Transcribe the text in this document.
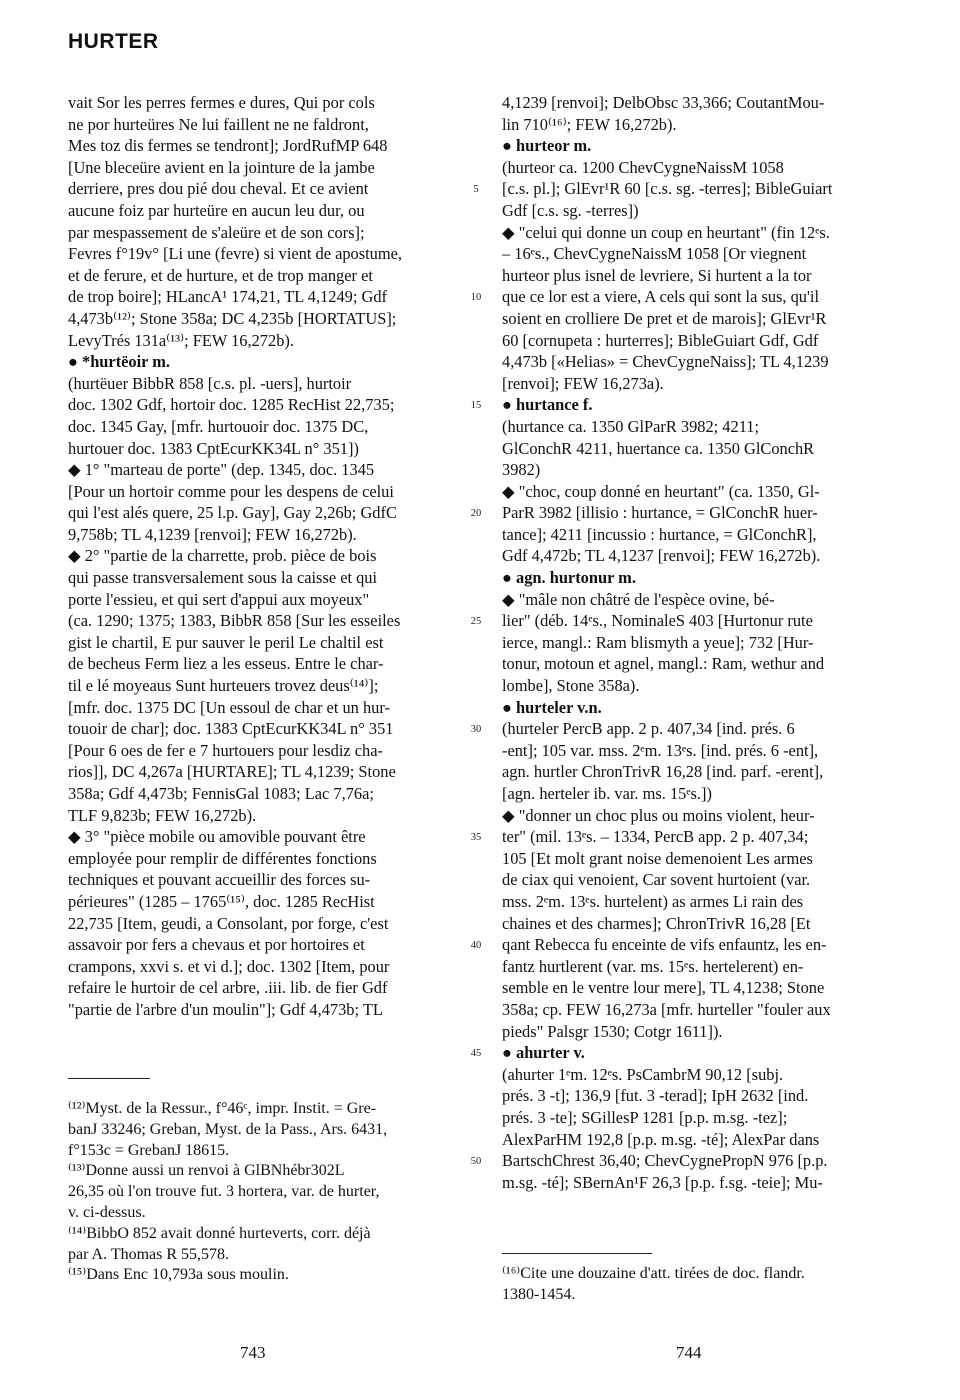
HURTER
vait Sor les perres fermes e dures, Qui por cols
ne por hurteüres Ne lui faillent ne ne faldront,
Mes toz dis fermes se tendront]; JordRufMP 648
[Une bleceüre avient en la jointure de la jambe
derriere, pres dou pié dou cheval. Et ce avient
aucune foiz par hurteüre en aucun leu dur, ou
par mespassement de s'aleüre et de son cors];
Fevres f°19v° [Li une (fevre) si vient de apostume,
et de ferure, et de hurture, et de trop manger et
de trop boire]; HLancA¹ 174,21, TL 4,1249; Gdf
4,473b⁽¹²⁾; Stone 358a; DC 4,235b [HORTATUS];
LevyTrés 131a⁽¹³⁾; FEW 16,272b).
● *hurtëoir m.
(hurtëuer BibbR 858 [c.s. pl. -uers], hurtoir
doc. 1302 Gdf, hortoir doc. 1285 RecHist 22,735;
doc. 1345 Gay, [mfr. hurtouoir doc. 1375 DC,
hurtouer doc. 1383 CptEcurKK34L n° 351])
◆ 1° "marteau de porte" (dep. 1345, doc. 1345
[Pour un hortoir comme pour les despens de celui
qui l'est alés quere, 25 l.p. Gay], Gay 2,26b; GdfC
9,758b; TL 4,1239 [renvoi]; FEW 16,272b).
◆ 2° "partie de la charrette, prob. pièce de bois
qui passe transversalement sous la caisse et qui
porte l'essieu, et qui sert d'appui aux moyeux"
(ca. 1290; 1375; 1383, BibbR 858 [Sur les esseiles
gist le chartil, E pur sauver le peril Le chaltil est
de becheus Ferm liez a les esseus. Entre le char-
til e lé moyeaus Sunt hurteuers trovez deus⁽¹⁴⁾];
[mfr. doc. 1375 DC [Un essoul de char et un hur-
touoir de char]; doc. 1383 CptEcurKK34L n° 351
[Pour 6 oes de fer e 7 hurtouers pour lesdiz cha-
rios]], DC 4,267a [HURTARE]; TL 4,1239; Stone
358a; Gdf 4,473b; FennisGal 1083; Lac 7,76a;
TLF 9,823b; FEW 16,272b).
◆ 3° "pièce mobile ou amovible pouvant être
employée pour remplir de différentes fonctions
techniques et pouvant accueillir des forces su-
périeures" (1285 – 1765⁽¹⁵⁾, doc. 1285 RecHist
22,735 [Item, geudi, a Consolant, por forge, c'est
assavoir por fers a chevaus et por hortoires et
crampons, xxvi s. et vi d.]; doc. 1302 [Item, pour
refaire le hurtoir de cel arbre, .iii. lib. de fier Gdf
"partie de l'arbre d'un moulin"]; Gdf 4,473b; TL
5
10
15
20
25
30
35
40
45
50
4,1239 [renvoi]; DelbObsc 33,366; CoutantMou-
lin 710⁽¹⁶⁾; FEW 16,272b).
● hurteor m.
(hurteor ca. 1200 ChevCygneNaissM 1058
[c.s. pl.]; GlEvr¹R 60 [c.s. sg. -terres]; BibleGuiart
Gdf [c.s. sg. -terres])
◆ "celui qui donne un coup en heurtant" (fin 12ᵉs.
– 16ᵉs., ChevCygneNaissM 1058 [Or viegnent
hurteor plus isnel de levriere, Si hurtent a la tor
que ce lor est a viere, A cels qui sont la sus, qu'il
soient en crolliere De pret et de marois]; GlEvr¹R
60 [cornupeta : hurterres]; BibleGuiart Gdf, Gdf
4,473b [«Helias» = ChevCygneNaiss]; TL 4,1239
[renvoi]; FEW 16,273a).
● hurtance f.
(hurtance ca. 1350 GlParR 3982; 4211;
GlConchR 4211, huertance ca. 1350 GlConchR
3982)
◆ "choc, coup donné en heurtant" (ca. 1350, Gl-
ParR 3982 [illisio : hurtance, = GlConchR huer-
tance]; 4211 [incussio : hurtance, = GlConchR],
Gdf 4,472b; TL 4,1237 [renvoi]; FEW 16,272b).
● agn. hurtonur m.
◆ "mâle non châtré de l'espèce ovine, bé-
lier" (déb. 14ᵉs., NominaleS 403 [Hurtonur rute
ierce, mangl.: Ram blismyth a yeue]; 732 [Hur-
tonur, motoun et agnel, mangl.: Ram, wethur and
lombe], Stone 358a).
● hurteler v.n.
(hurteler PercB app. 2 p. 407,34 [ind. prés. 6
-ent]; 105 var. mss. 2ᵉm. 13ᵉs. [ind. prés. 6 -ent],
agn. hurtler ChronTrivR 16,28 [ind. parf. -erent],
[agn. herteler ib. var. ms. 15ᵉs.])
◆ "donner un choc plus ou moins violent, heur-
ter" (mil. 13ᵉs. – 1334, PercB app. 2 p. 407,34;
105 [Et molt grant noise demenoient Les armes
de ciax qui venoient, Car sovent hurtoient (var.
mss. 2ᵉm. 13ᵉs. hurtelent) as armes Li rain des
chaines et des charmes]; ChronTrivR 16,28 [Et
qant Rebecca fu enceinte de vifs enfauntz, les en-
fantz hurtlerent (var. ms. 15ᵉs. hertelerent) en-
semble en le ventre lour mere], TL 4,1238; Stone
358a; cp. FEW 16,273a [mfr. hurteller "fouler aux
pieds" Palsgr 1530; Cotgr 1611]).
● ahurter v.
(ahurter 1ᵉm. 12ᵉs. PsCambrM 90,12 [subj.
prés. 3 -t]; 136,9 [fut. 3 -terad]; IpH 2632 [ind.
prés. 3 -te]; SGillesP 1281 [p.p. m.sg. -tez];
AlexParHM 192,8 [p.p. m.sg. -té]; AlexPar dans
BartschChrest 36,40; ChevCygnePropN 976 [p.p.
m.sg. -té]; SBernAn¹F 26,3 [p.p. f.sg. -teie]; Mu-
⁽¹²⁾Myst. de la Ressur., f°46ᶜ, impr. Instit. = Gre-
banJ 33246; Greban, Myst. de la Pass., Ars. 6431,
f°153c = GrebanJ 18615.
⁽¹³⁾Donne aussi un renvoi à GlBNhébr302L
26,35 où l'on trouve fut. 3 hortera, var. de hurter,
v. ci-dessus.
⁽¹⁴⁾BibbO 852 avait donné hurteverts, corr. déjà
par A. Thomas R 55,578.
⁽¹⁵⁾Dans Enc 10,793a sous moulin.	⁽¹⁶⁾Cite une douzaine d'att. tirées de doc. flandr.
1380-1454.
743	744
